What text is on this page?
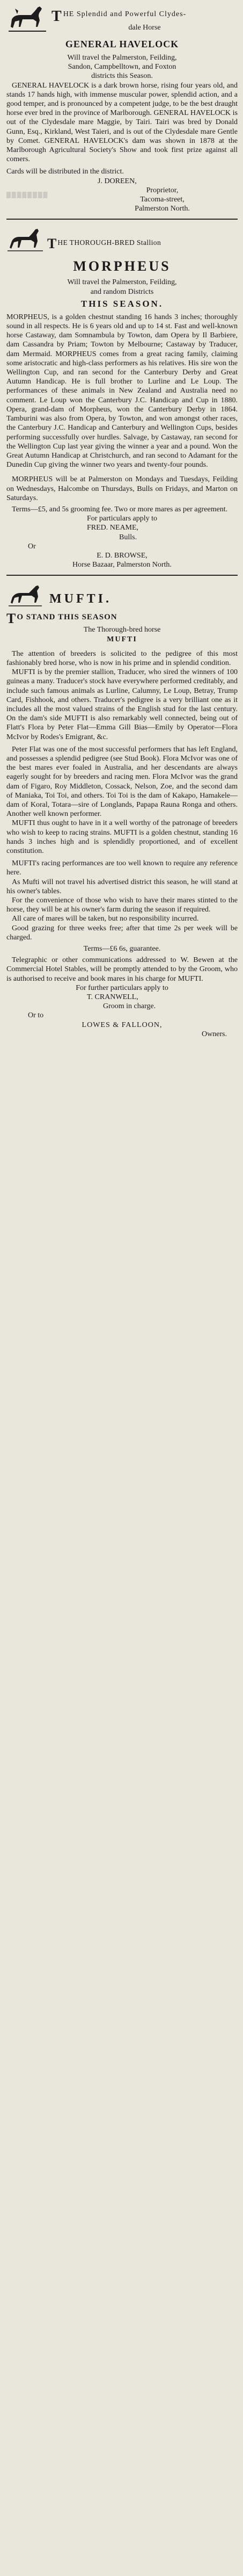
T HE Splendid and Powerful Clydes-
dale Horse
GENERAL HAVELOCK

Will travel the Palmerston, Feilding,

Sandon, Campbelltown, and Foxton

districts this Season.

GENERAL HAVELOCK is a dark brown horse, rising four years old, and stands 17 hands high, with immense muscular power, splendid action, and a good temper, and is pronounced by a competent judge, to be the best draught horse ever bred in the province of Marlborough. GENERAL HAVELOCK is out of the Clydesdale mare Maggie, by Tairi. Tairi was bred by Donald Gunn, Esq., Kirkland, West Taieri, and is out of the Clydesdale mare Gentle by Comet. GENERAL HAVELOCK's dam was shown in 1878 at the Marlborough Agricultural Society's Show and took first prize against all comers.

Cards will be distributed in the district.

J. DOREEN,

▒▒▒▒▒▒▒▒

Proprietor,

Tacoma-street,

Palmerston North.

T HE THOROUGH-BRED Stallion
MORPHEUS

Will travel the Palmerston, Feilding,

and random Districts

THIS SEASON.

MORPHEUS, is a golden chestnut standing 16 hands 3 inches; thoroughly sound in all respects. He is 6 years old and up to 14 st. Fast and well-known horse Castaway, dam Somnambula by Towton, dam Opera by Il Barbiere, dam Cassandra by Priam; Towton by Melbourne; Castaway by Traducer, dam Mermaid. MORPHEUS comes from a great racing family, claiming some aristocratic and high-class performers as his relatives. His sire won the Wellington Cup, and ran second for the Canterbury Derby and Great Autumn Handicap. He is full brother to Lurline and Le Loup. The performances of these animals in New Zealand and Australia need no comment. Le Loup won the Canterbury J.C. Handicap and Cup in 1880. Opera, grand-dam of Morpheus, won the Canterbury Derby in 1864. Tamburini was also from Opera, by Towton, and won amongst other races, the Canterbury J.C. Handicap and Canterbury and Wellington Cups, besides performing successfully over hurdles. Salvage, by Castaway, ran second for the Wellington Cup last year giving the winner a year and a pound. Won the Great Autumn Handicap at Christchurch, and ran second to Adamant for the Dunedin Cup giving the winner two years and twenty-four pounds.

MORPHEUS will be at Palmerston on Mondays and Tuesdays, Feilding on Wednesdays, Halcombe on Thursdays, Bulls on Fridays, and Marton on Saturdays.

Terms—£5, and 5s grooming fee. Two or more mares as per agreement.

For particulars apply to

FRED. NEAME,

Bulls.

Or

E. D. BROWSE,

Horse Bazaar, Palmerston North.

MUFTI.
T O STAND THIS SEASON

The Thorough-bred horse

MUFTI

The attention of breeders is solicited to the pedigree of this most fashionably bred horse, who is now in his prime and in splendid condition.

MUFTI is by the premier stallion, Traducer, who sired the winners of 100 guineas a many. Traducer's stock have everywhere performed creditably, and include such famous animals as Lurline, Calumny, Le Loup, Betray, Trump Card, Fishhook, and others. Traducer's pedigree is a very brilliant one as it includes all the most valued strains of the English stud for the last century. On the dam's side MUFTI is also remarkably well connected, being out of Flatt's Flora by Peter Flat—Emma Gill Bias—Emily by Operator—Flora McIvor by Rodes's Emigrant, &c.

Peter Flat was one of the most successful performers that has left England, and possesses a splendid pedigree (see Stud Book). Flora McIvor was one of the best mares ever foaled in Australia, and her descendants are always eagerly sought for by breeders and racing men. Flora McIvor was the grand dam of Figaro, Roy Middleton, Cossack, Nelson, Zoe, and the second dam of Maniaka, Toi Toi, and others. Toi Toi is the dam of Kakapo, Hamakele—dam of Koral, Totara—sire of Longlands, Papapa Rauna Ronga and others. Another well known performer.

MUFTI thus ought to have in it a well worthy of the patronage of breeders who wish to keep to racing strains. MUFTI is a golden chestnut, standing 16 hands 3 inches high and is splendidly proportioned, and of excellent constitution.

MUFTI's racing performances are too well known to require any reference here.

As Mufti will not travel his advertised district this season, he will stand at his owner's tables.

For the convenience of those who wish to have their mares stinted to the horse, they will be at his owner's farm during the season if required.

All care of mares will be taken, but no responsibility incurred.

Good grazing for three weeks free; after that time 2s per week will be charged.

Terms—£6 6s, guarantee.

Telegraphic or other communications addressed to W. Bewen at the Commercial Hotel Stables, will be promptly attended to by the Groom, who is authorised to receive and book mares in his charge for MUFTI.

For further particulars apply to

T. CRANWELL,

Groom in charge.

Or to

LOWES & FALLOON,

Owners.
